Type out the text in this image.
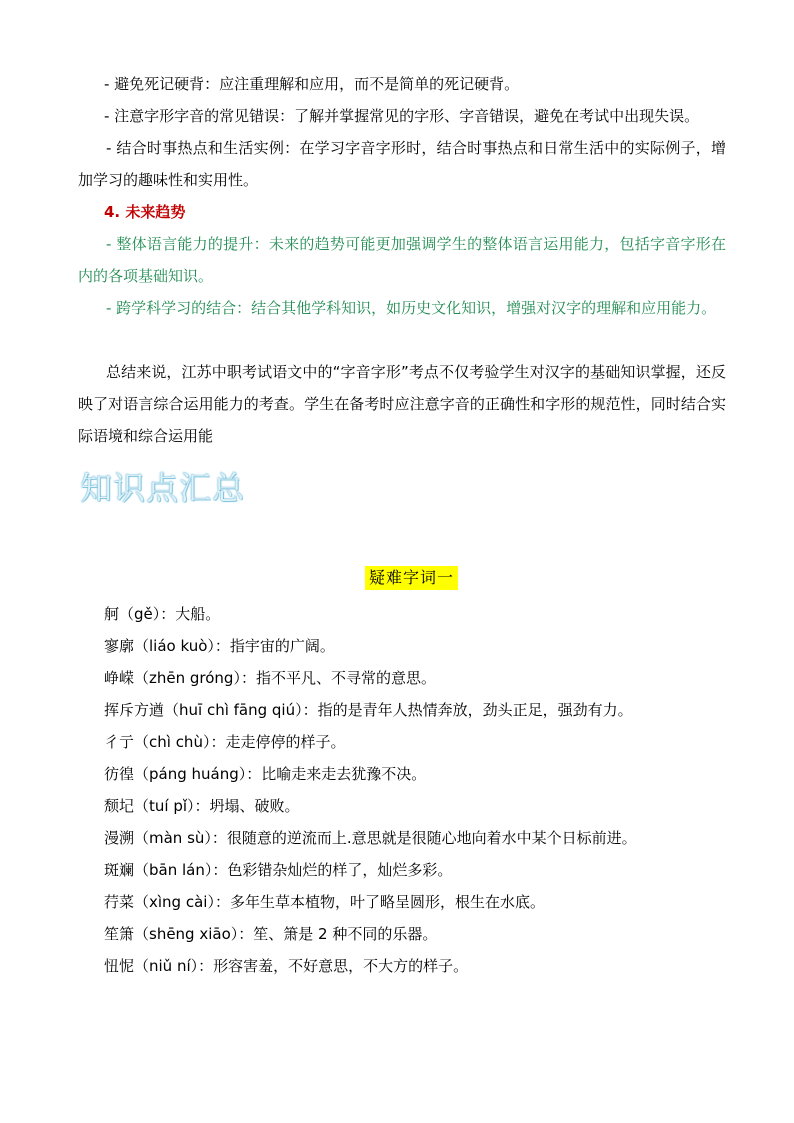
- 避免死记硬背：应注重理解和应用，而不是简单的死记硬背。
- 注意字形字音的常见错误：了解并掌握常见的字形、字音错误，避免在考试中出现失误。

- 结合时事热点和生活实例：在学习字音字形时，结合时事热点和日常生活中的实际例子，增加学习的趣味性和实用性。

4. 未来趋势

- 整体语言能力的提升：未来的趋势可能更加强调学生的整体语言运用能力，包括字音字形在内的各项基础知识。

- 跨学科学习的结合：结合其他学科知识，如历史文化知识，增强对汉字的理解和应用能力。

总结来说，江苏中职考试语文中的“字音字形”考点不仅考验学生对汉字的基础知识掌握，还反映了对语言综合运用能力的考查。学生在备考时应注意字音的正确性和字形的规范性，同时结合实际语境和综合运用能

知识点汇总
疑难字词一
舸（gě）：大船。
寥廓（liáo kuò）：指宇宙的广阔。
峥嵘（zhēn gróng）：指不平凡、不寻常的意思。
挥斥方遒（huī chì fāng qiú）：指的是青年人热情奔放，劲头正足，强劲有力。
彳亍（chì chù）：走走停停的样子。
彷徨（páng huáng）：比喻走来走去犹豫不决。
颓圮（tuí pǐ）：坍塌、破败。
漫溯（màn sù）：很随意的逆流而上.意思就是很随心地向着水中某个日标前进。
斑斓（bān lán）：色彩错杂灿烂的样了，灿烂多彩。
荇菜（xìng cài）：多年生草本植物，叶了略呈圆形，根生在水底。
笙箫（shēng xiāo）：笙、箫是 2 种不同的乐器。
忸怩（niǔ ní）：形容害羞，不好意思，不大方的样子。
